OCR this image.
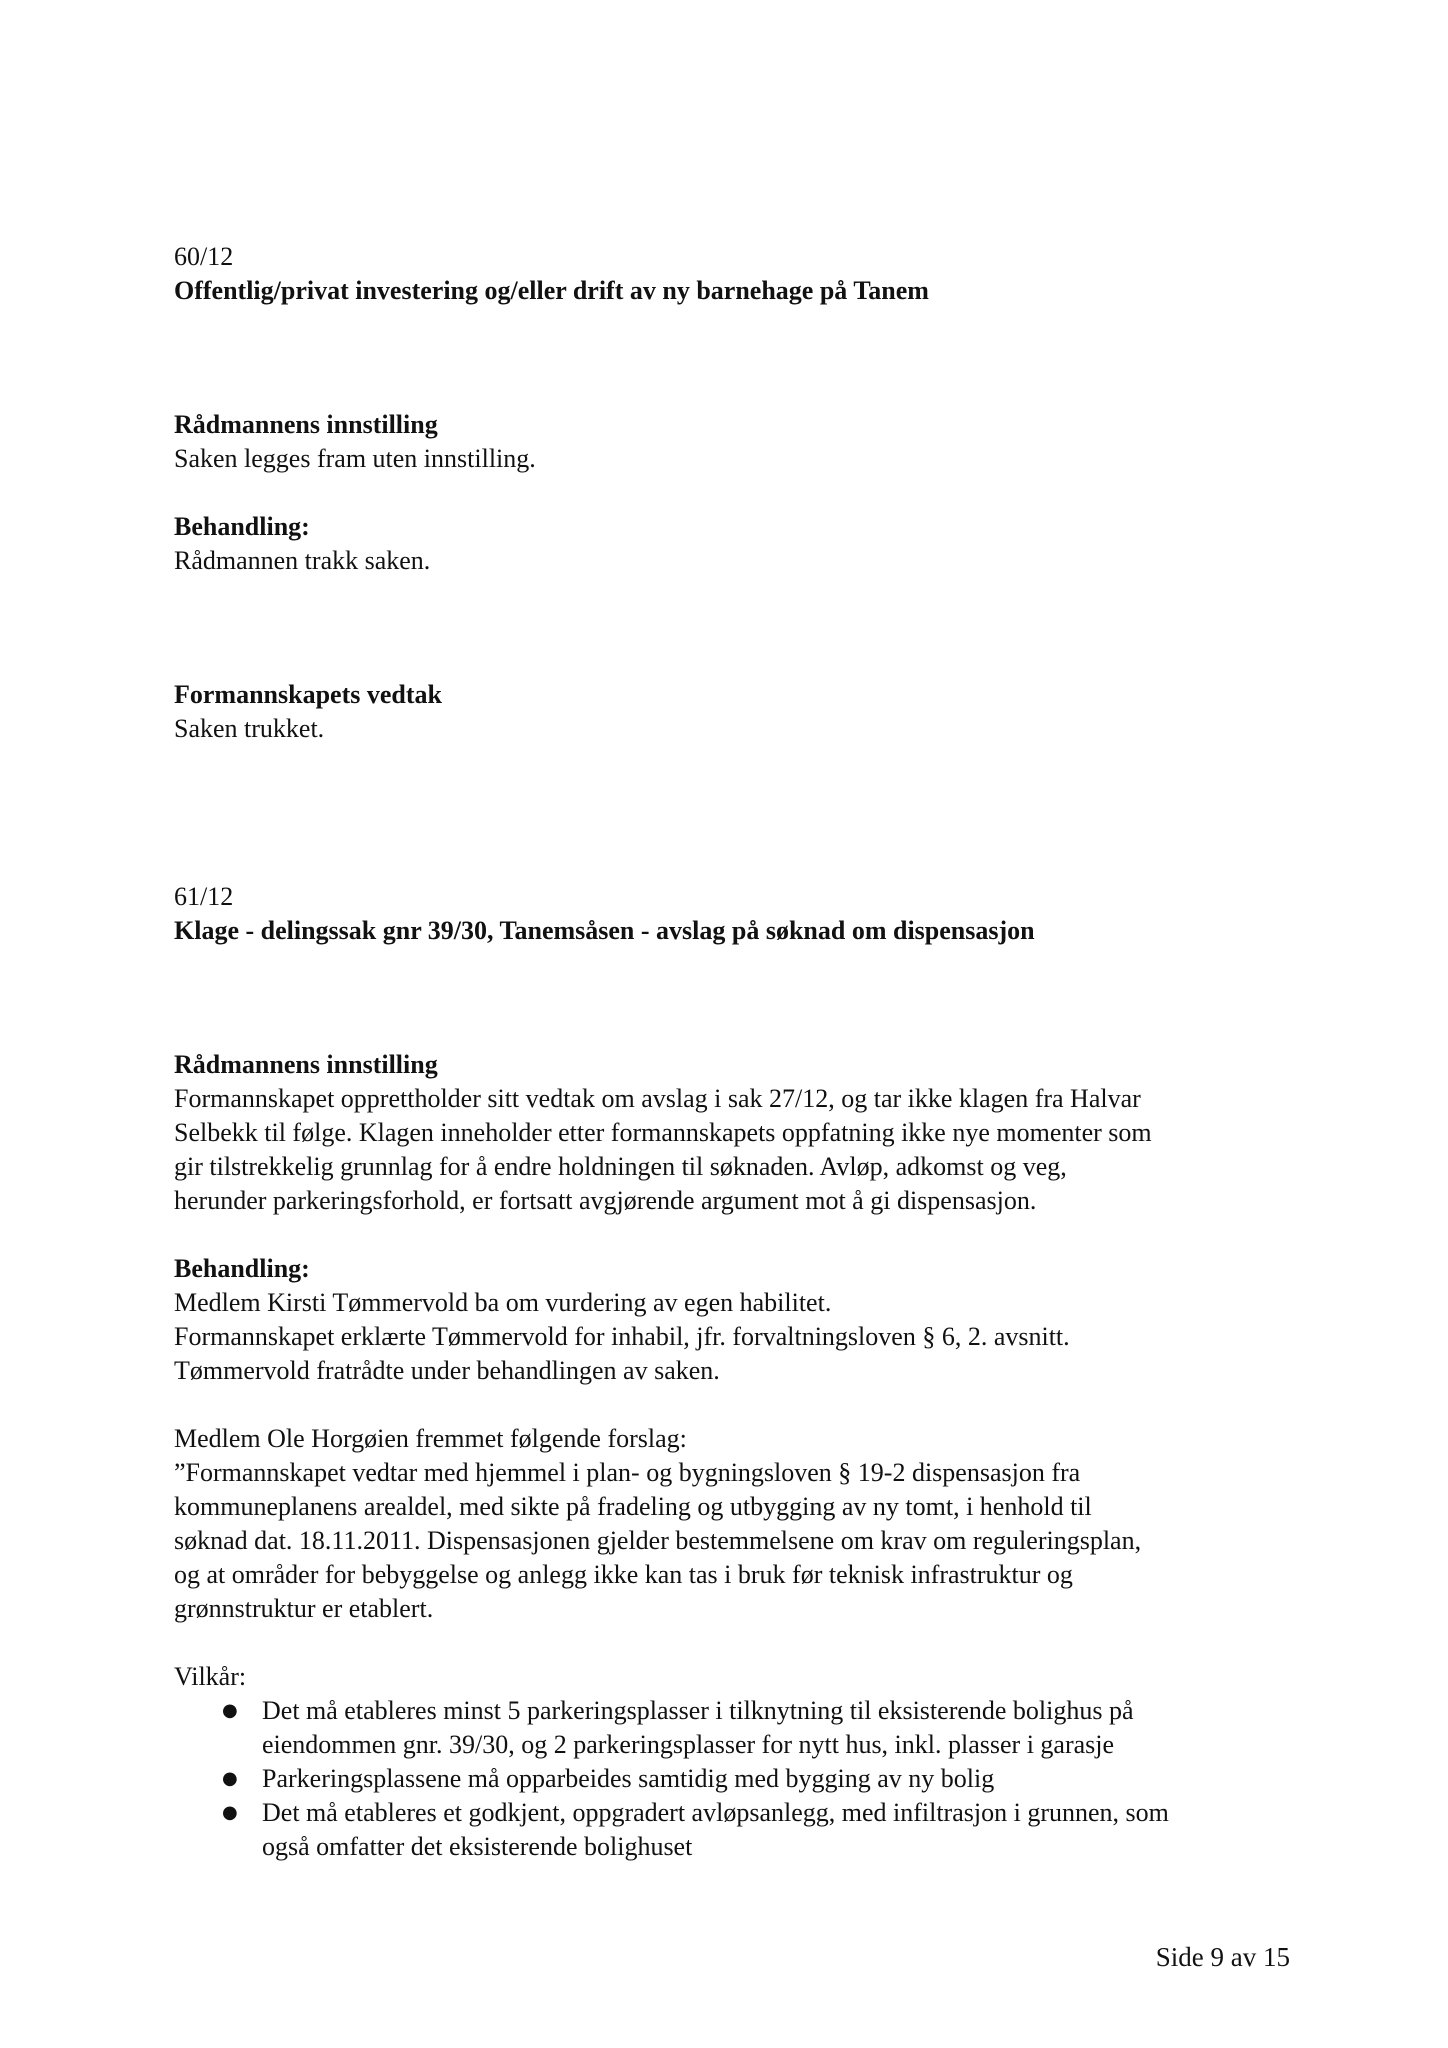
60/12

Offentlig/privat investering og/eller drift av ny barnehage på Tanem

Rådmannens innstilling

Saken legges fram uten innstilling.

Behandling:

Rådmannen trakk saken.

Formannskapets vedtak

Saken trukket.

61/12

Klage - delingssak gnr 39/30, Tanemsåsen - avslag på søknad om dispensasjon

Rådmannens innstilling

Formannskapet opprettholder sitt vedtak om avslag i sak 27/12, og tar ikke klagen fra Halvar

Selbekk til følge. Klagen inneholder etter formannskapets oppfatning ikke nye momenter som

gir tilstrekkelig grunnlag for å endre holdningen til søknaden. Avløp, adkomst og veg,

herunder parkeringsforhold, er fortsatt avgjørende argument mot å gi dispensasjon.

Behandling:

Medlem Kirsti Tømmervold ba om vurdering av egen habilitet.

Formannskapet erklærte Tømmervold for inhabil, jfr. forvaltningsloven § 6, 2. avsnitt.

Tømmervold fratrådte under behandlingen av saken.

Medlem Ole Horgøien fremmet følgende forslag:

”Formannskapet vedtar med hjemmel i plan- og bygningsloven § 19-2 dispensasjon fra

kommuneplanens arealdel, med sikte på fradeling og utbygging av ny tomt, i henhold til

søknad dat. 18.11.2011. Dispensasjonen gjelder bestemmelsene om krav om reguleringsplan,

og at områder for bebyggelse og anlegg ikke kan tas i bruk før teknisk infrastruktur og

grønnstruktur er etablert.

Vilkår:

● Det må etableres minst 5 parkeringsplasser i tilknytning til eksisterende bolighus på

eiendommen gnr. 39/30, og 2 parkeringsplasser for nytt hus, inkl. plasser i garasje

● Parkeringsplassene må opparbeides samtidig med bygging av ny bolig

● Det må etableres et godkjent, oppgradert avløpsanlegg, med infiltrasjon i grunnen, som

også omfatter det eksisterende bolighuset

Side 9 av 15
